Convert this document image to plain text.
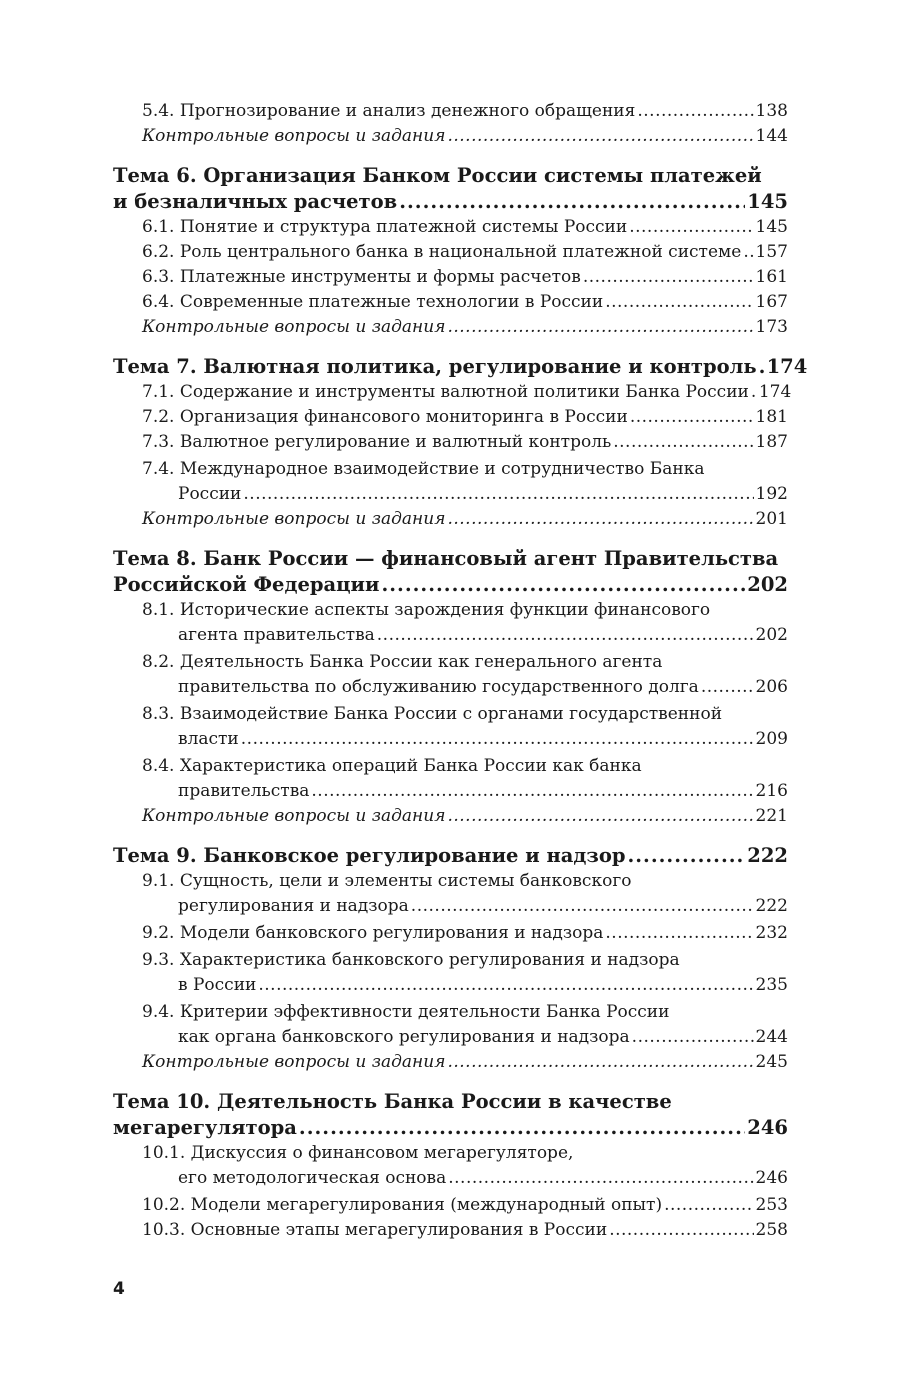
5.4. Прогнозирование и анализ денежного обращения .....	138
Контрольные вопросы и задания .....	144
Тема 6. Организация Банком России системы платежей
и безналичных расчетов .....	145
6.1. Понятие и структура платежной системы России .....	145
6.2. Роль центрального банка в национальной платежной системе ..... 157
6.3. Платежные инструменты и формы расчетов .....	161
6.4. Современные платежные технологии в России .....	167
Контрольные вопросы и задания .....	173
Тема 7. Валютная политика, регулирование и контроль ..... 174
7.1. Содержание и инструменты валютной политики Банка России ..... 174
7.2. Организация финансового мониторинга в России .....	181
7.3. Валютное регулирование и валютный контроль .....	187
7.4. Международное взаимодействие и сотрудничество Банка
России .....	192
Контрольные вопросы и задания .....	201
Тема 8. Банк России — финансовый агент Правительства
Российской Федерации .....	202
8.1. Исторические аспекты зарождения функции финансового
агента правительства .....	202
8.2. Деятельность Банка России как генерального агента
правительства по обслуживанию государственного долга .....	206
8.3. Взаимодействие Банка России с органами государственной
власти .....	209
8.4. Характеристика операций Банка России как банка
правительства .....	216
Контрольные вопросы и задания .....	221
Тема 9. Банковское регулирование и надзор .....	222
9.1. Сущность, цели и элементы системы банковского
регулирования и надзора .....	222
9.2. Модели банковского регулирования и надзора .....	232
9.3. Характеристика банковского регулирования и надзора
в России .....	235
9.4. Критерии эффективности деятельности Банка России
как органа банковского регулирования и надзора .....	244
Контрольные вопросы и задания .....	245
Тема 10. Деятельность Банка России в качестве
мегарегулятора .....	246
10.1. Дискуссия о финансовом мегарегуляторе,
его методологическая основа .....	246
10.2. Модели мегарегулирования (международный опыт) .....	253
10.3. Основные этапы мегарегулирования в России .....	258
4
